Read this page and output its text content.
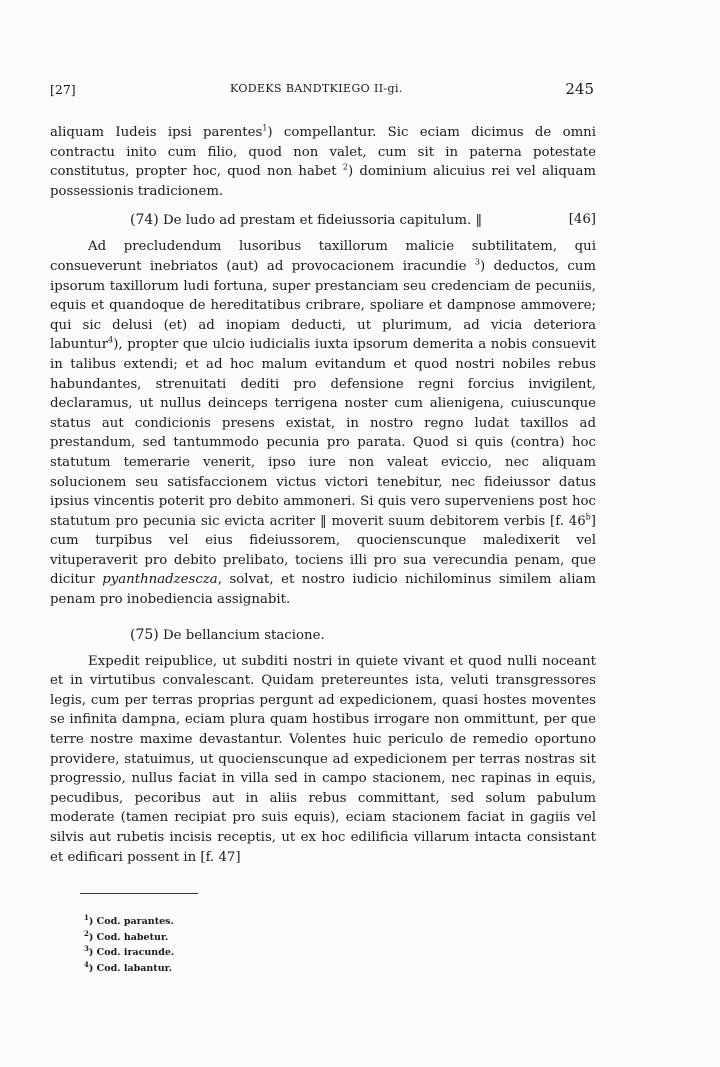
[27]	KODEKS BANDTKIEGO II-gi.	245

aliquam Iudeis ipsi parentes$^1$) compellantur. Sic eciam dicimus de omni contractu inito cum filio, quod non valet, cum sit in paterna potestate constitutus, propter hoc, quod non habet $^2$) dominium alicuius rei vel aliquam possessionis tradicionem.

(74) De ludo ad prestam et fideiussoria capitulum. ‖	[46]

Ad precludendum lusoribus taxillorum malicie subtilitatem, qui consueverunt inebriatos (aut) ad provocacionem iracundie $^3$) deductos, cum ipsorum taxillorum ludi fortuna, super prestanciam seu credenciam de pecuniis, equis et quandoque de hereditatibus cribrare, spoliare et dampnose ammovere; qui sic delusi (et) ad inopiam deducti, ut plurimum, ad vicia deteriora labuntur$^4$), propter que ulcio iudicialis iuxta ipsorum demerita a nobis consuevit in talibus extendi; et ad hoc malum evitandum et quod nostri nobiles rebus habundantes, strenuitati dediti pro defensione regni forcius invigilent, declaramus, ut nullus deinceps terrigena noster cum alienigena, cuiuscunque status aut condicionis presens existat, in nostro regno ludat taxillos ad prestandum, sed tantummodo pecunia pro parata. Quod si quis (contra) hoc statutum temerarie venerit, ipso iure non valeat eviccio, nec aliquam solucionem seu satisfaccionem victus victori tenebitur, nec fideiussor datus ipsius vincentis poterit pro debito ammoneri. Si quis vero superveniens post hoc statutum pro pecunia sic evicta acriter ‖ moverit suum debitorem verbis [f. 46$^b$] cum turpibus vel eius fideiussorem, quocienscunque maledixerit vel vituperaverit pro debito prelibato, tociens illi pro sua verecundia penam, que dicitur pyanthnadzescza, solvat, et nostro iudicio nichilominus similem aliam penam pro inobediencia assignabit.

(75) De bellancium stacione.

Expedit reipublice, ut subditi nostri in quiete vivant et quod nulli noceant et in virtutibus convalescant. Quidam pretereuntes ista, veluti transgressores legis, cum per terras proprias pergunt ad expedicionem, quasi hostes moventes se infinita dampna, eciam plura quam hostibus irrogare non ommittunt, per que terre nostre maxime devastantur. Volentes huic periculo de remedio oportuno providere, statuimus, ut quocienscunque ad expedicionem per terras nostras sit progressio, nullus faciat in villa sed in campo stacionem, nec rapinas in equis, pecudibus, pecoribus aut in aliis rebus committant, sed solum pabulum moderate (tamen recipiat pro suis equis), eciam stacionem faciat in gagiis vel silvis aut rubetis incisis receptis, ut ex hoc edilificia villarum intacta consistant et edificari possent in [f. 47]

$^1$) Cod. parantes.
$^2$) Cod. habetur.
$^3$) Cod. iracunde.
$^4$) Cod. labantur.
